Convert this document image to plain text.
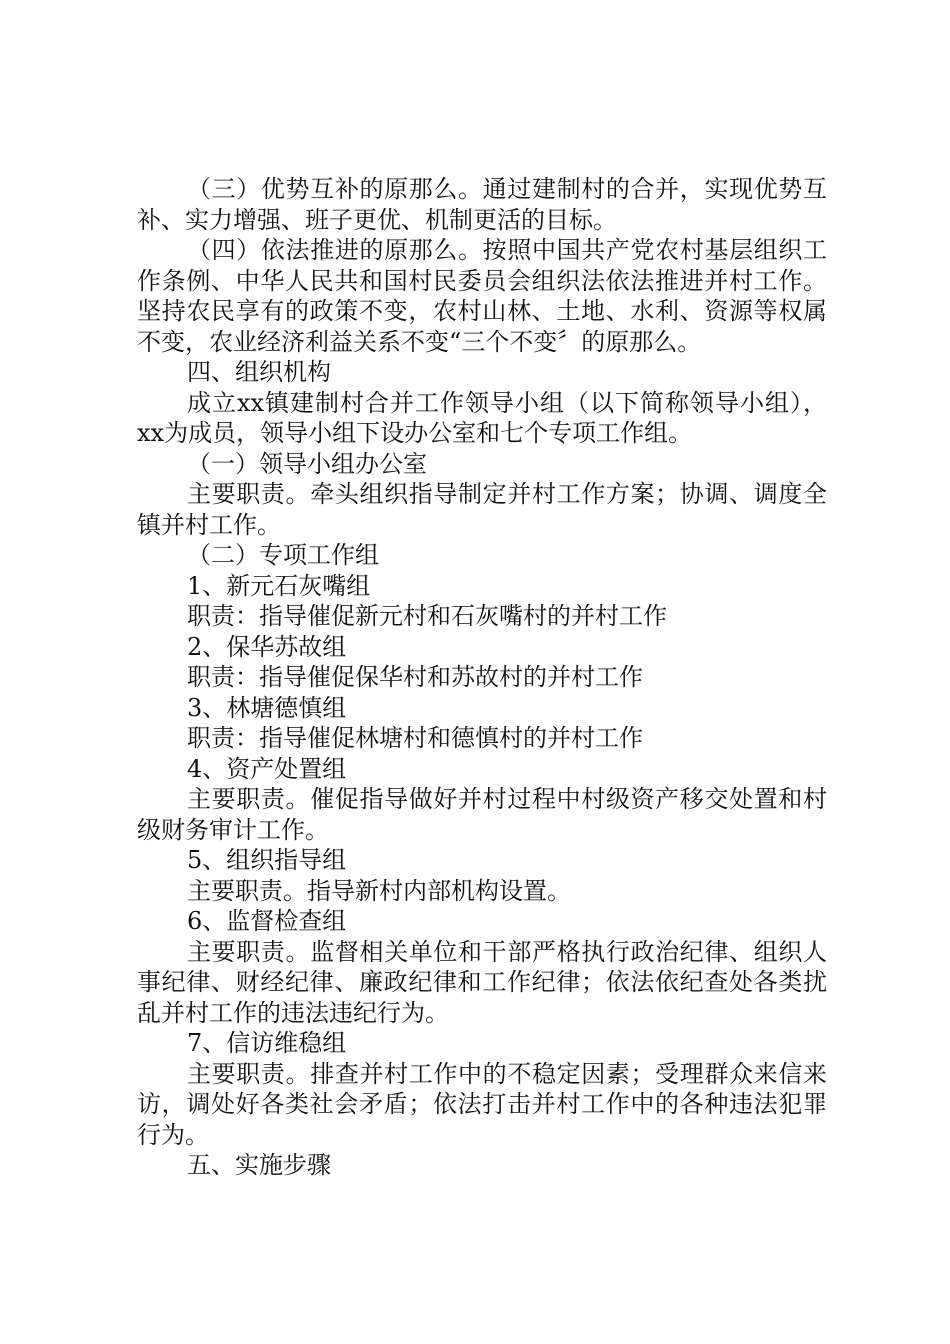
（三）优势互补的原那么。通过建制村的合并，实现优势互补、实力增强、班子更优、机制更活的目标。

（四）依法推进的原那么。按照中国共产党农村基层组织工作条例、中华人民共和国村民委员会组织法依法推进并村工作。坚持农民享有的政策不变，农村山林、土地、水利、资源等权属不变，农业经济利益关系不变“三个不变〞的原那么。

四、组织机构

成立xx镇建制村合并工作领导小组（以下简称领导小组），xx为成员，领导小组下设办公室和七个专项工作组。

（一）领导小组办公室

主要职责。牵头组织指导制定并村工作方案；协调、调度全镇并村工作。

（二）专项工作组

1、新元石灰嘴组

职责：指导催促新元村和石灰嘴村的并村工作

2、保华苏故组

职责：指导催促保华村和苏故村的并村工作

3、林塘德慎组

职责：指导催促林塘村和德慎村的并村工作

4、资产处置组

主要职责。催促指导做好并村过程中村级资产移交处置和村级财务审计工作。

5、组织指导组

主要职责。指导新村内部机构设置。

6、监督检查组

主要职责。监督相关单位和干部严格执行政治纪律、组织人事纪律、财经纪律、廉政纪律和工作纪律；依法依纪查处各类扰乱并村工作的违法违纪行为。

7、信访维稳组

主要职责。排查并村工作中的不稳定因素；受理群众来信来访，调处好各类社会矛盾；依法打击并村工作中的各种违法犯罪行为。

五、实施步骤
